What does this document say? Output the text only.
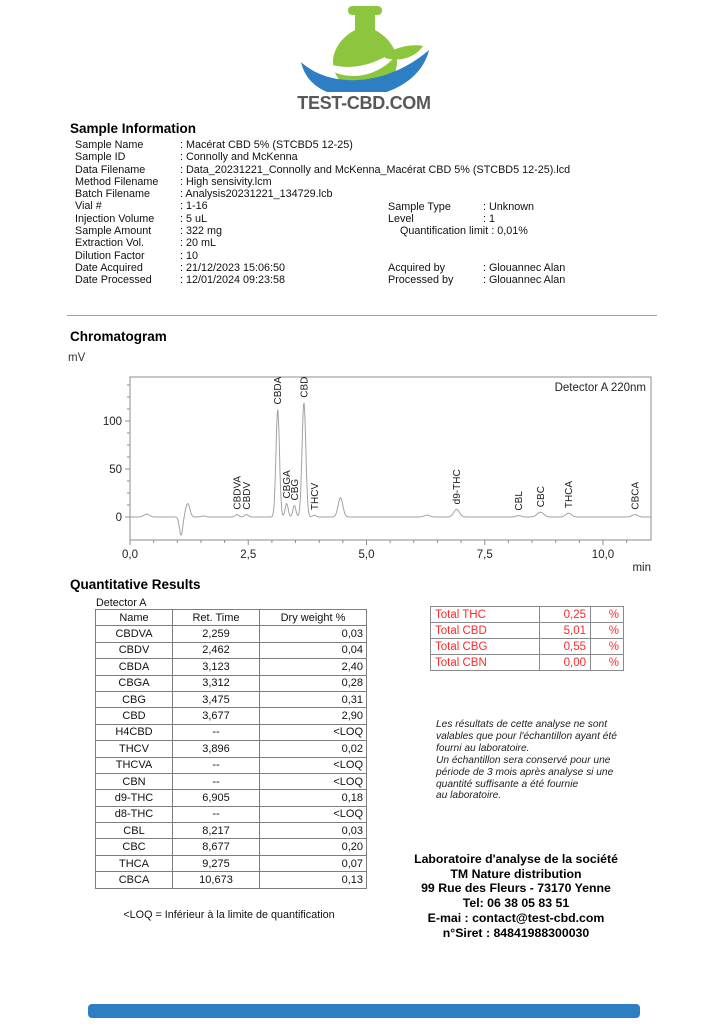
TEST-CBD.COM
Sample Information
Sample Name	: Macérat CBD 5% (STCBD5 12-25)
Sample ID	: Connolly and McKenna
Data Filename	: Data_20231221_Connolly and McKenna_Macérat CBD 5% (STCBD5 12-25).lcd
Method Filename : High sensivity.lcm
Batch Filename	: Analysis20231221_134729.lcb
Vial #	: 1-16
Injection Volume : 5 uL
Sample Amount	: 322 mg
Extraction Vol.	: 20 mL
Dilution Factor	: 10
Date Acquired	: 21/12/2023 15:06:50
Date Processed	: 12/01/2024 09:23:58
Sample Type	: Unknown
Level	: 1
Acquired by	: Glouannec Alan
Processed by	: Glouannec Alan
Quantification limit : 0,01%
Chromatogram
0
50
100
0,0	2,5	5,0	7,5	10,0
mV
min
Detector A 220nm
CBDVA
CBDV
CBDA
CBGA
CBG
CBD
THCV	d9-THC	CBL CBC THCA	CBCA
Quantitative Results
Detector A
Name	Ret. Time	Dry weight %
CBDVA	2,259	0,03
CBDV	2,462	0,04
CBDA	3,123	2,40
CBGA	3,312	0,28
CBG	3,475	0,31
CBD	3,677	2,90
H4CBD	--	<LOQ
THCV	3,896	0,02
THCVA	--	<LOQ
CBN	--	<LOQ
d9-THC	6,905	0,18
d8-THC	--	<LOQ
CBL	8,217	0,03
CBC	8,677	0,20
THCA	9,275	0,07
CBCA	10,673	0,13
<LOQ = Inférieur à la limite de quantification
Total THC	0,25	%
Total CBD	5,01	%
Total CBG	0,55	%
Total CBN	0,00	%
Les résultats de cette analyse ne sont
valables que pour l'échantillon ayant été
fourni au laboratoire.
Un échantillon sera conservé pour une
période de 3 mois après analyse si une
quantité suffisante a été fournie
au laboratoire.
Laboratoire d'analyse de la société
TM Nature distribution
99 Rue des Fleurs - 73170 Yenne
Tel: 06 38 05 83 51
E-mai : contact@test-cbd.com
n°Siret : 84841988300030
